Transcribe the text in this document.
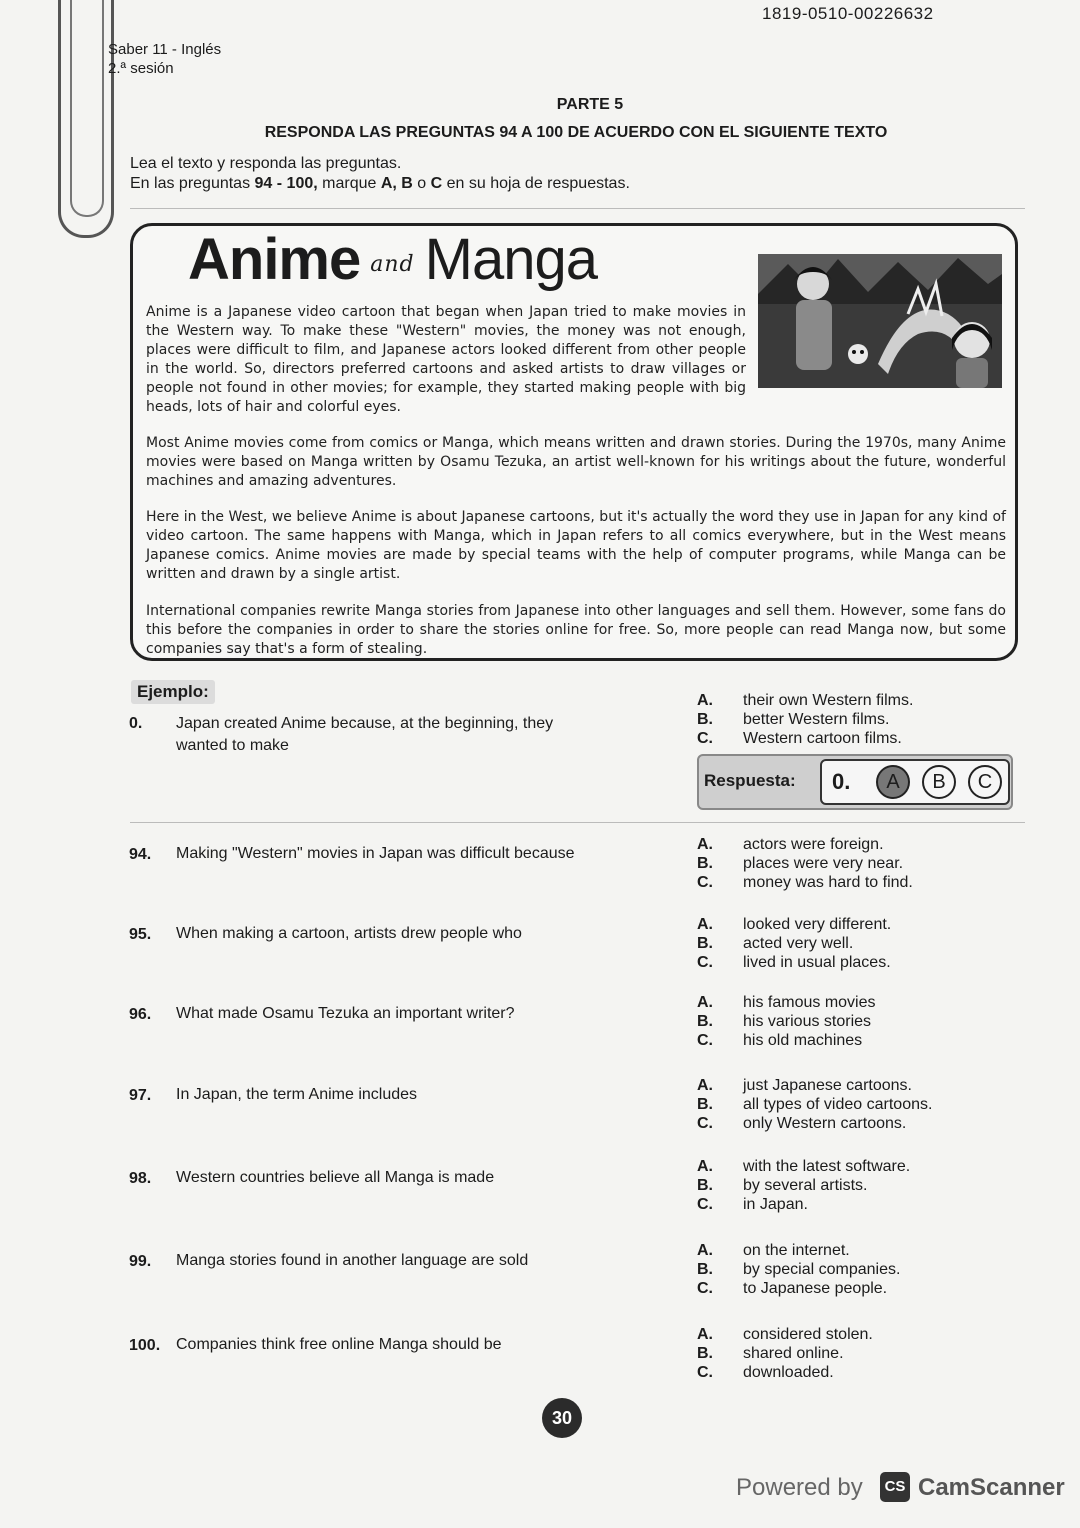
1819-0510-00226632
Saber 11 - Inglés
2.ª sesión
PARTE 5
RESPONDA LAS PREGUNTAS 94 A 100 DE ACUERDO CON EL SIGUIENTE TEXTO
Lea el texto y responda las preguntas.
En las preguntas 94 - 100, marque A, B o C en su hoja de respuestas.
Anime and Manga
Anime is a Japanese video cartoon that began when Japan tried to make movies in the Western way. To make these "Western" movies, the money was not enough, places were difficult to film, and Japanese actors looked different from other people in the world. So, directors preferred cartoons and asked artists to draw villages or people not found in other movies; for example, they started making people with big heads, lots of hair and colorful eyes.
Most Anime movies come from comics or Manga, which means written and drawn stories. During the 1970s, many Anime movies were based on Manga written by Osamu Tezuka, an artist well-known for his writings about the future, wonderful machines and amazing adventures.
Here in the West, we believe Anime is about Japanese cartoons, but it's actually the word they use in Japan for any kind of video cartoon. The same happens with Manga, which in Japan refers to all comics everywhere, but in the West means Japanese comics. Anime movies are made by special teams with the help of computer programs, while Manga can be written and drawn by a single artist.
International companies rewrite Manga stories from Japanese into other languages and sell them. However, some fans do this before the companies in order to share the stories online for free. So, more people can read Manga now, but some companies say that's a form of stealing.
Ejemplo:
0. Japan created Anime because, at the beginning, they wanted to make
A. their own Western films.
B. better Western films.
C. Western cartoon films.
Respuesta: 0.	A	B	C
94. Making "Western" movies in Japan was difficult because
A. actors were foreign.
B. places were very near.
C. money was hard to find.
95. When making a cartoon, artists drew people who
A. looked very different.
B. acted very well.
C. lived in usual places.
96. What made Osamu Tezuka an important writer?
A. his famous movies
B. his various stories
C. his old machines
97. In Japan, the term Anime includes
A. just Japanese cartoons.
B. all types of video cartoons.
C. only Western cartoons.
98. Western countries believe all Manga is made
A. with the latest software.
B. by several artists.
C. in Japan.
99. Manga stories found in another language are sold
A. on the internet.
B. by special companies.
C. to Japanese people.
100. Companies think free online Manga should be
A. considered stolen.
B. shared online.
C. downloaded.
30
Powered by	CS CamScanner
